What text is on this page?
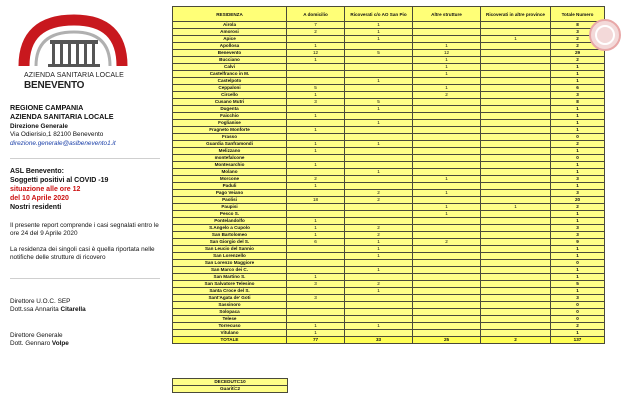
AZIENDA SANITARIA LOCALE
BENEVENTO
REGIONE CAMPANIA
AZIENDA SANITARIA LOCALE
Direzione Generale
Via Odierisio,1 82100 Benevento
direzione.generale@aslbenevento1.it
ASL Benevento:
Soggetti positivi al COVID -19
situazione alle ore 12
del 10 Aprile 2020
Nostri residenti
Il presente report comprende i casi segnalati entro le ore 24 del 9 Aprile 2020
La residenza dei singoli casi è quella riportata nelle notifiche delle strutture di ricovero
Direttore U.O.C. SEP
Dott.ssa Annarita Citarella
Direttore Generale
Dott. Gennaro Volpe
RESIDENZA	A domicilio	Ricoverati c/o AO San Pio	Altre strutture	Ricoverati in altre province	Totale Numero
Airola	7	1			8
Amorosi	2	1			3
Apice		1		1	2
Apollosa	1		1		2
Benevento	12	5	12		29
Bucciano	1		1		2
Calvi			1		1
Castelfranco in M.			1		1
Castelpoto		1			1
Ceppaloni	5		1		6
Circello	1		2		3
Cusano Mutri	3	5			8
Dugenta		1			1
Faicchio	1				1
Foglianise		1			1
Fragneto Monforte	1				1
Frasso					0
Guardia Sanframondi	1	1			2
Melizzano	1				1
montefalcone					0
Montesarchio	1				1
Molano		1			1
Morcone	2		1		3
Paduli	1				1
Pago Veiano		2	1		3
Paolisi	18	2			20
Paupisi			1	1	2
Pesco S.			1		1
Pontelandolfo	1				1
S.Angelo a Cupolo	1	2			3
San Bartolomeo	1	2			3
San Giorgio del S.	6	1	2		9
San Leucio del Sannio		1			1
San Lorenzello		1			1
San Lorenzo Maggiore					0
San Marco dei C.		1			1
San Martino S.	1				1
San Salvatore Telesino	3	2			5
Santa Croce del S.		1			1
Sant'Agata de' Goti	3				3
Sassinoro					0
Solopaca					0
Telese					0
Torrecuso	1	1			2
Vitulano	1				1
TOTALE	77	33	25	2	137
DECEDUTI=10
Guariti=2
